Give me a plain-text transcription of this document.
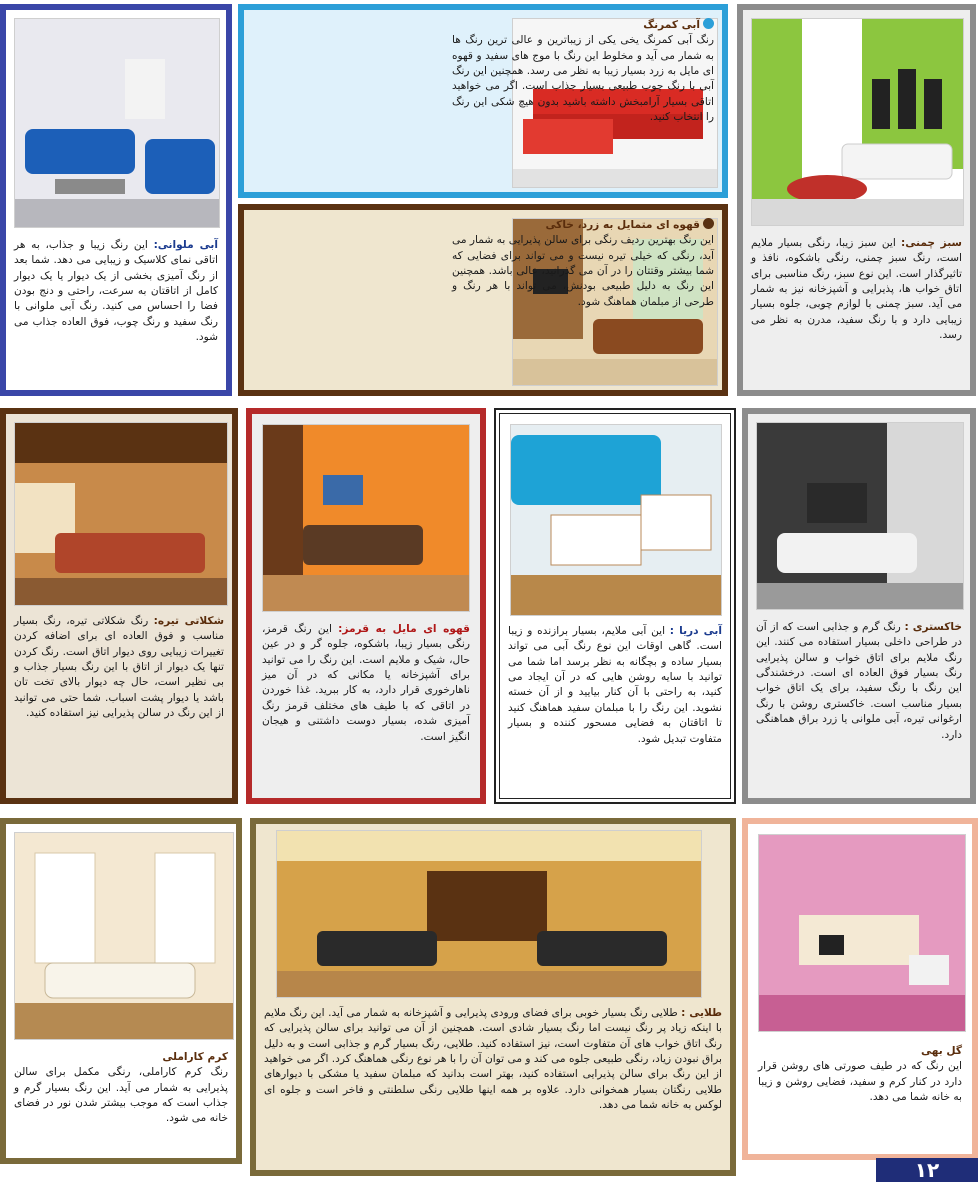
سبز چمنی: این سبز زیبا، رنگی بسیار ملایم است، رنگ سبز چمنی، رنگی باشکوه، نافذ و تاثیرگذار است. این نوع سبز، رنگ مناسبی برای اتاق خواب ها، پذیرایی و آشپزخانه نیز به شمار می آید. سبز چمنی با لوازم چوبی، جلوه بسیار زیبایی دارد و با رنگ سفید، مدرن به نظر می رسد.

آبی کمرنگ
رنگ آبی کمرنگ یخی یکی از زیباترین و عالی ترین رنگ ها به شمار می آید و مخلوط این رنگ با موج های سفید و قهوه ای مایل به زرد بسیار زیبا به نظر می رسد. همچنین این رنگ آبی با رنگ چوب طبیعی بسیار جذاب است. اگر می خواهید اتاقی بسیار آرامبخش داشته باشید بدون هیچ شکی این رنگ را انتخاب کنید.

آبی ملوانی: این رنگ زیبا و جذاب، به هر اتاقی نمای کلاسیک و زیبایی می دهد. شما بعد از رنگ آمیزی بخشی از یک دیوار یا یک دیوار کامل از اتاقتان به سرعت، راحتی و دنج بودن فضا را احساس می کنید. رنگ آبی ملوانی با رنگ سفید و رنگ چوب، فوق العاده جذاب می شود.

قهوه ای متمایل به زرد، خاکی
این رنگ بهترین ردیف رنگی برای سالن پذیرایی به شمار می آید، رنگی که خیلی تیره نیست و می تواند برای فضایی که شما بیشتر وقتتان را در آن می گذرانید، عالی باشد. همچنین این رنگ به دلیل طبیعی بودنش، می تواند با هر رنگ و طرحی از مبلمان هماهنگ شود.

خاکستری : رنگ گرم و جذابی است که از آن در طراحی داخلی بسیار استفاده می کنند. این رنگ ملایم برای اتاق خواب و سالن پذیرایی رنگ بسیار فوق العاده ای است. درخشندگی این رنگ با رنگ سفید، برای یک اتاق خواب بسیار مناسب است. خاکستری روشن با رنگ ارغوانی تیره، آبی ملوانی یا زرد براق هماهنگی دارد.

آبی دریا : این آبی ملایم، بسیار برازنده و زیبا است. گاهی اوقات این نوع رنگ آبی می تواند بسیار ساده و بچگانه به نظر برسد اما شما می توانید با سایه روشن هایی که در آن ایجاد می کنید، به راحتی با آن کنار بیایید و از آن خسته نشوید. این رنگ را با مبلمان سفید هماهنگ کنید تا اتاقتان به فضایی مسحور کننده و بسیار متفاوت تبدیل شود.

قهوه ای مایل به قرمز: این رنگ قرمز، رنگی بسیار زیبا، باشکوه، جلوه گر و در عین حال، شیک و ملایم است. این رنگ را می توانید برای آشپزخانه یا مکانی که در آن میز ناهارخوری قرار دارد، به کار ببرید. غذا خوردن در اتاقی که با طیف های مختلف قرمز رنگ آمیزی شده، بسیار دوست داشتنی و هیجان انگیز است.

شکلاتی تیره: رنگ شکلاتی تیره، رنگ بسیار مناسب و فوق العاده ای برای اضافه کردن تغییرات زیبایی روی دیوار اتاق است. رنگ کردن تنها یک دیوار از اتاق با این رنگ بسیار جذاب و بی نظیر است، حال چه دیوار بالای تخت تان باشد یا دیوار پشت اسباب. شما حتی می توانید از این رنگ در سالن پذیرایی نیز استفاده کنید.

گل بهی
این رنگ که در طیف صورتی های روشن قرار دارد در کنار کرم و سفید، فضایی روشن و زیبا به خانه شما می دهد.

طلایی : طلایی رنگ بسیار خوبی برای فضای ورودی پذیرایی و آشپزخانه به شمار می آید. این رنگ ملایم با اینکه زیاد پر رنگ نیست اما رنگ بسیار شادی است. همچنین از آن می توانید برای سالن پذیرایی که رنگ اتاق خواب های آن متفاوت است، نیز استفاده کنید. طلایی، رنگ بسیار گرم و جذابی است و به دلیل براق نبودن زیاد، رنگی طبیعی جلوه می کند و می توان آن را با هر نوع رنگی هماهنگ کرد. اگر می خواهید از این رنگ برای سالن پذیرایی استفاده کنید، بهتر است بدانید که مبلمان سفید یا مشکی با دیوارهای طلایی رنگتان بسیار همخوانی دارد. علاوه بر همه اینها طلایی رنگی سلطنتی و فاخر است و جلوه ای لوکس به خانه شما می دهد.

کرم کاراملی
رنگ کرم کاراملی، رنگی مکمل برای سالن پذیرایی به شمار می آید. این رنگ بسیار گرم و جذاب است که موجب بیشتر شدن نور در فضای خانه می شود.

١٢
